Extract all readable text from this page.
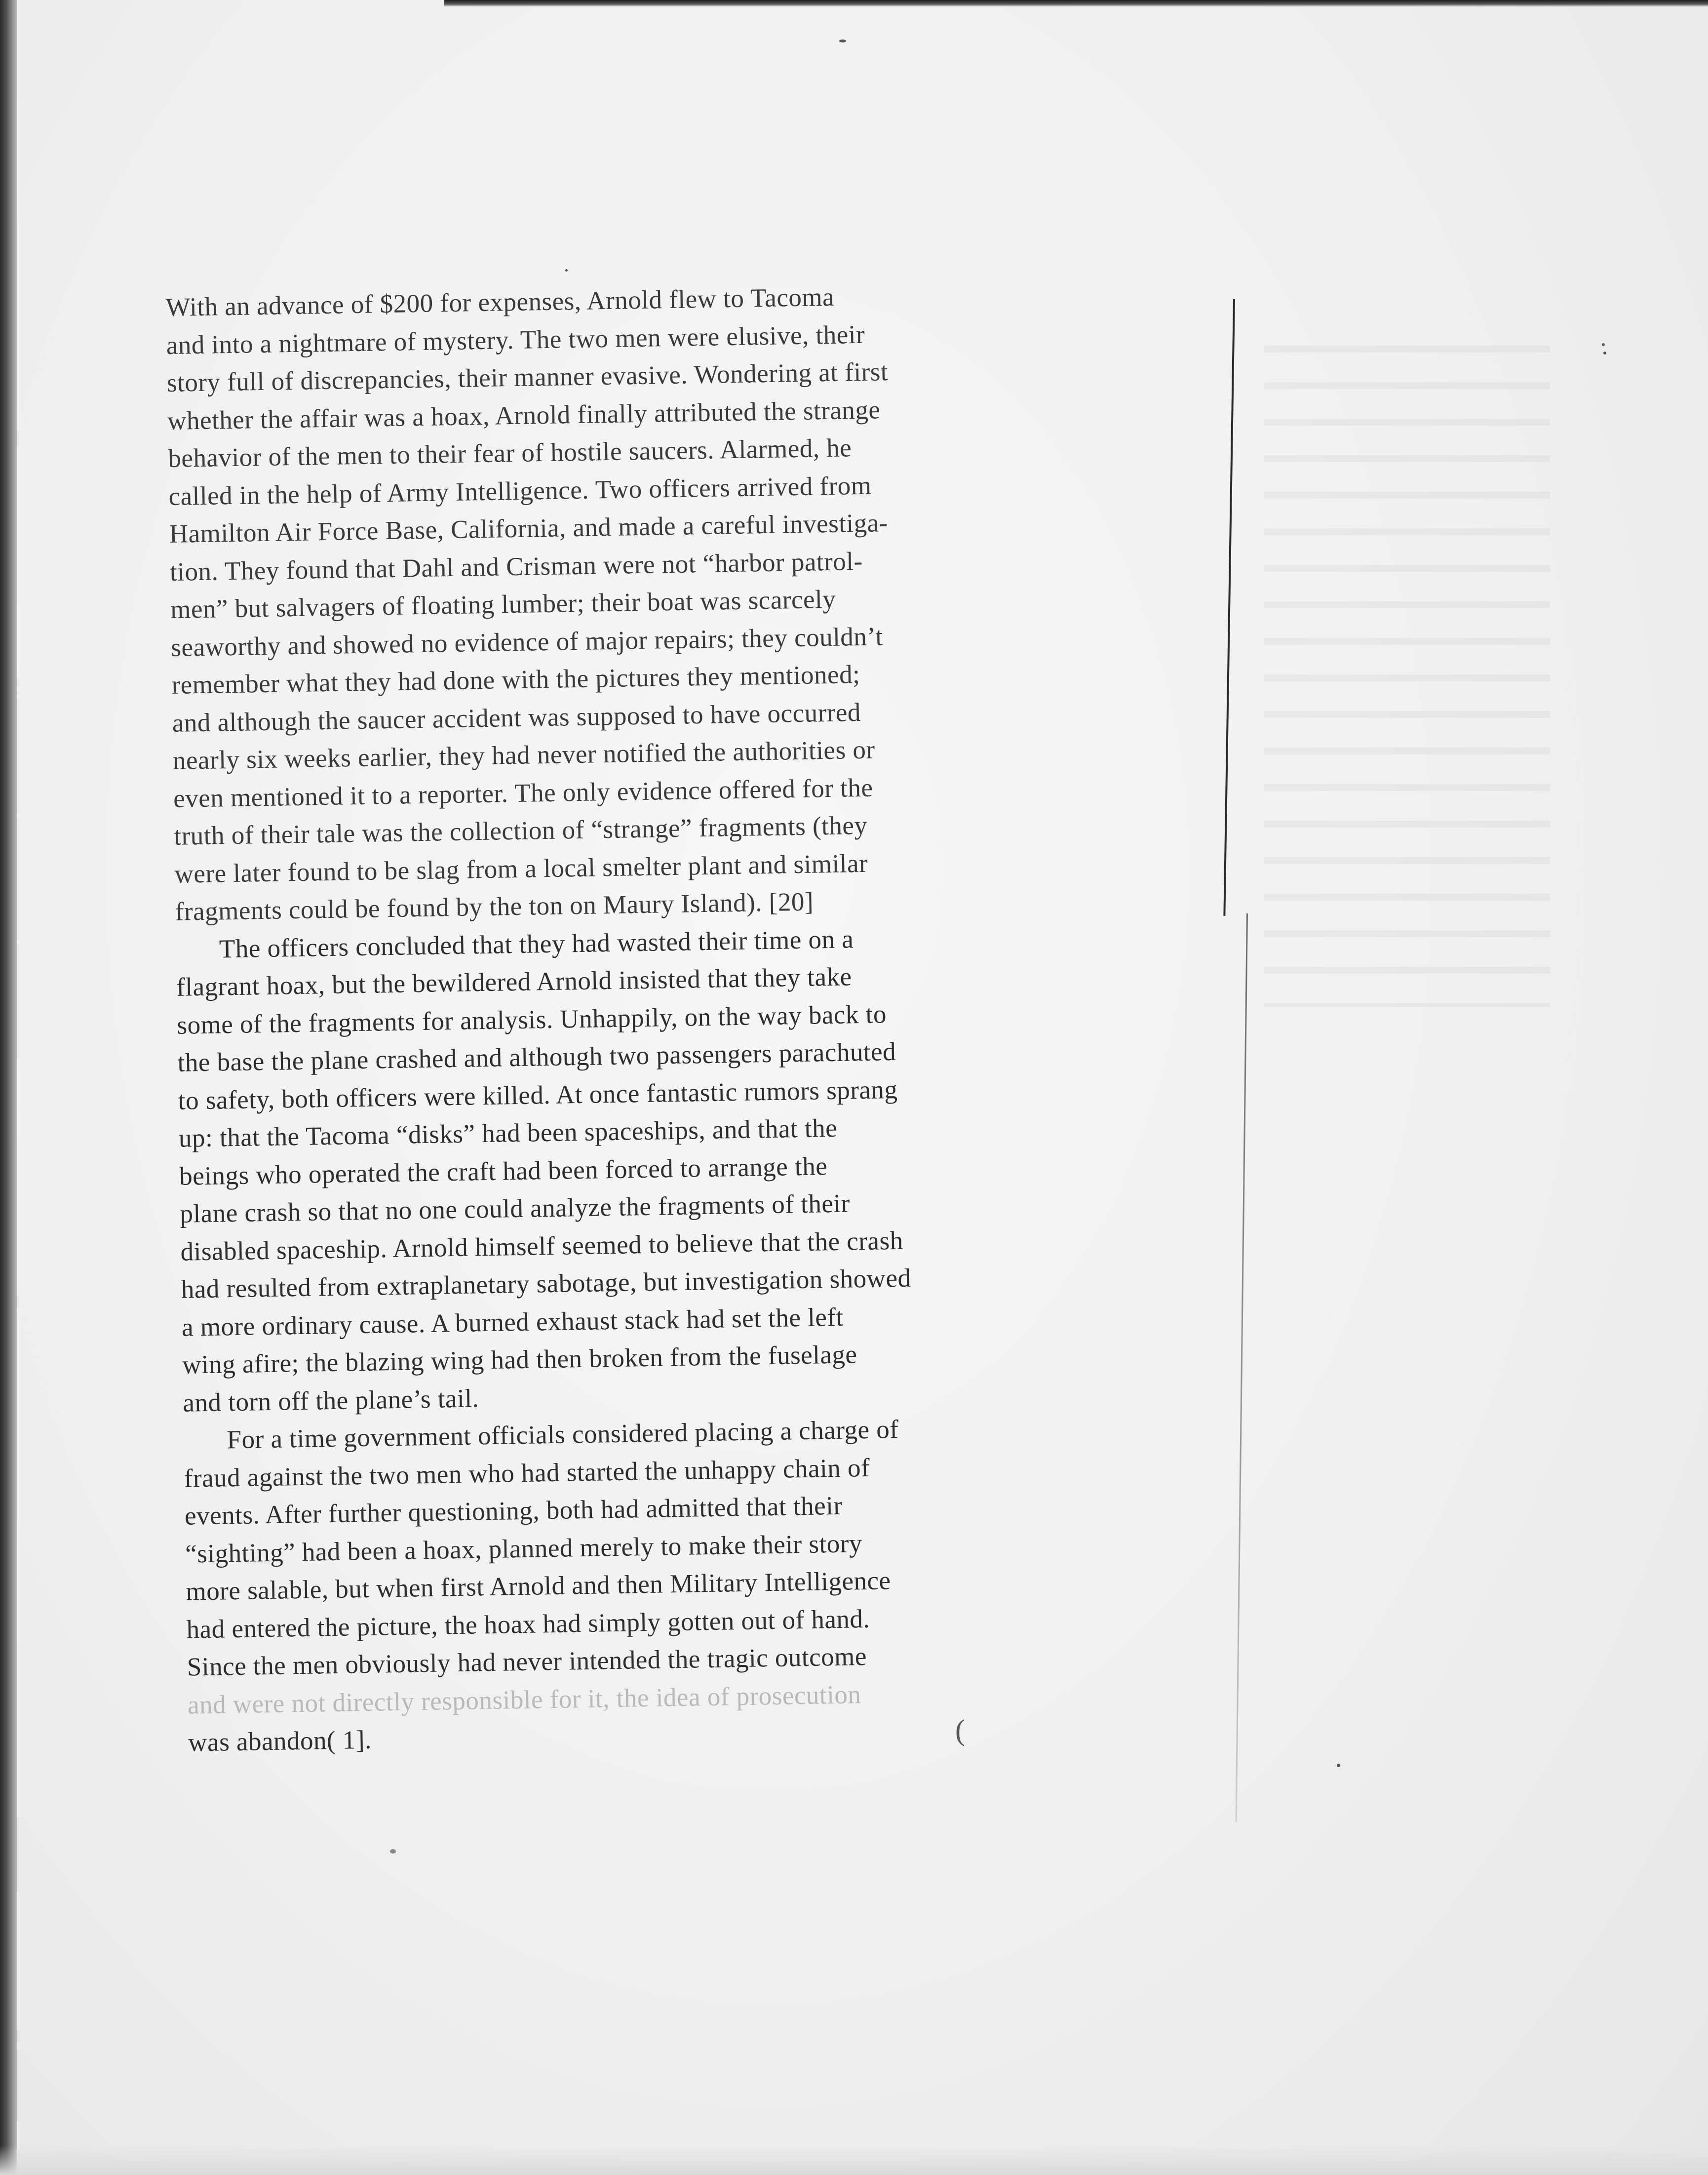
With an advance of $200 for expenses, Arnold flew to Tacoma
and into a nightmare of mystery. The two men were elusive, their
story full of discrepancies, their manner evasive. Wondering at first
whether the affair was a hoax, Arnold finally attributed the strange
behavior of the men to their fear of hostile saucers. Alarmed, he
called in the help of Army Intelligence. Two officers arrived from
Hamilton Air Force Base, California, and made a careful investiga-
tion. They found that Dahl and Crisman were not “harbor patrol-
men” but salvagers of floating lumber; their boat was scarcely
seaworthy and showed no evidence of major repairs; they couldn’t
remember what they had done with the pictures they mentioned;
and although the saucer accident was supposed to have occurred
nearly six weeks earlier, they had never notified the authorities or
even mentioned it to a reporter. The only evidence offered for the
truth of their tale was the collection of “strange” fragments (they
were later found to be slag from a local smelter plant and similar
fragments could be found by the ton on Maury Island). [20]

The officers concluded that they had wasted their time on a
flagrant hoax, but the bewildered Arnold insisted that they take
some of the fragments for analysis. Unhappily, on the way back to
the base the plane crashed and although two passengers parachuted
to safety, both officers were killed. At once fantastic rumors sprang
up: that the Tacoma “disks” had been spaceships, and that the
beings who operated the craft had been forced to arrange the
plane crash so that no one could analyze the fragments of their
disabled spaceship. Arnold himself seemed to believe that the crash
had resulted from extraplanetary sabotage, but investigation showed
a more ordinary cause. A burned exhaust stack had set the left
wing afire; the blazing wing had then broken from the fuselage
and torn off the plane’s tail.

For a time government officials considered placing a charge of
fraud against the two men who had started the unhappy chain of
events. After further questioning, both had admitted that their
“sighting” had been a hoax, planned merely to make their story
more salable, but when first Arnold and then Military Intelligence
had entered the picture, the hoax had simply gotten out of hand.
Since the men obviously had never intended the tragic outcome
and were not directly responsible for it, the idea of prosecution
was abandon( 1].	(
